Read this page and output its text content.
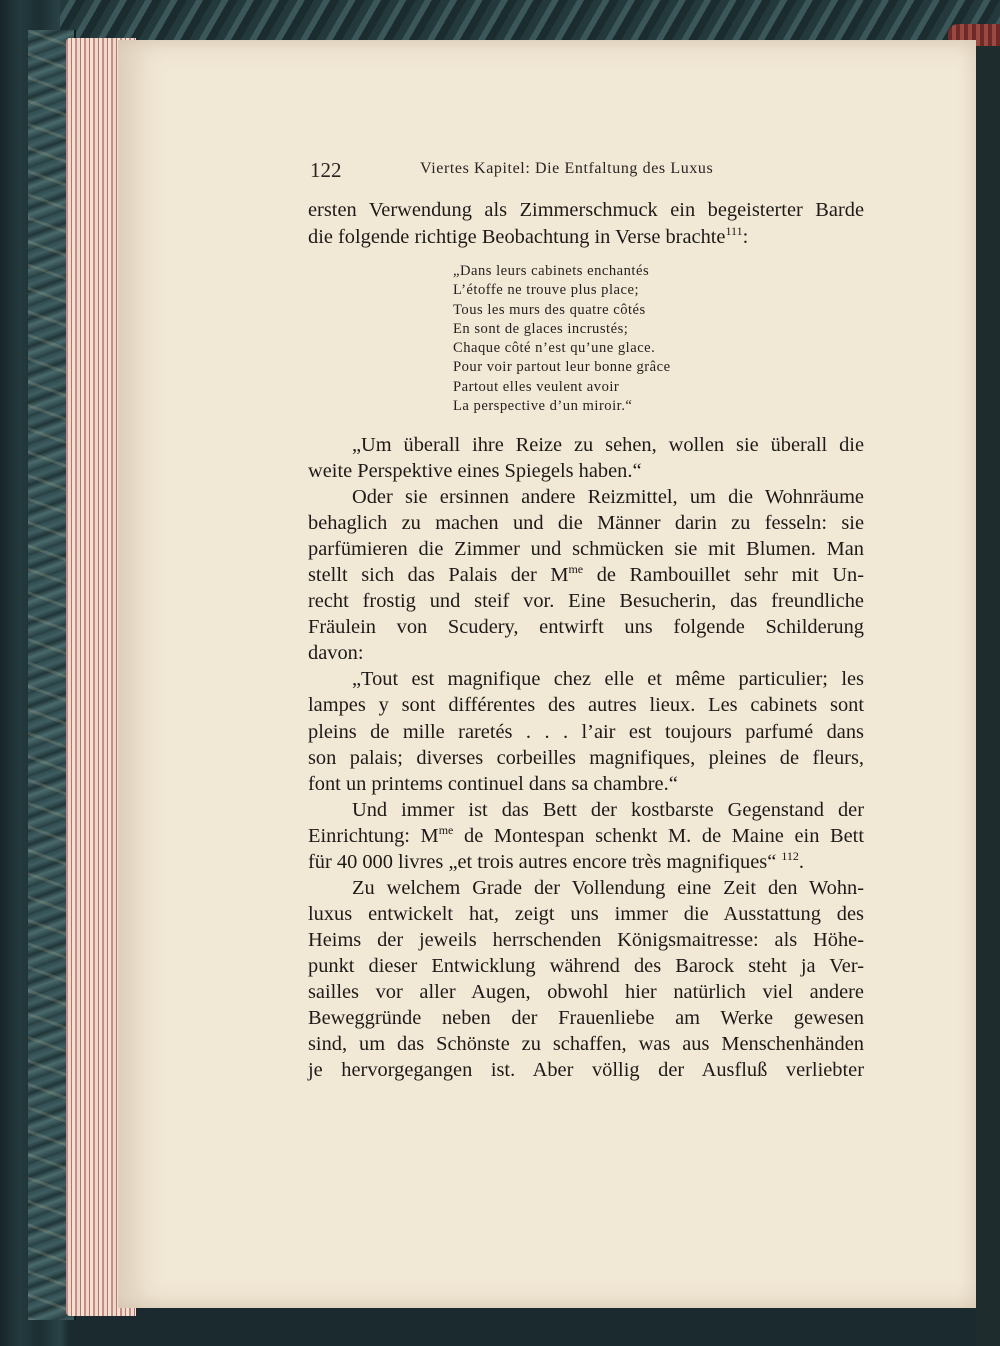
122	Viertes Kapitel: Die Entfaltung des Luxus
ersten Verwendung als Zimmerschmuck ein begeisterter Barde
die folgende richtige Beobachtung in Verse brachte$^{111}$:
„Dans leurs cabinets enchantés
L’étoffe ne trouve plus place;
Tous les murs des quatre côtés
En sont de glaces incrustés;
Chaque côté n’est qu’une glace.
Pour voir partout leur bonne grâce
Partout elles veulent avoir
La perspective d’un miroir.“
„Um überall ihre Reize zu sehen, wollen sie überall die
weite Perspektive eines Spiegels haben.“
Oder sie ersinnen andere Reizmittel, um die Wohnräume
behaglich zu machen und die Männer darin zu fesseln: sie
parfümieren die Zimmer und schmücken sie mit Blumen. Man
stellt sich das Palais der $M^{me}$ de Rambouillet sehr mit Un-
recht frostig und steif vor. Eine Besucherin, das freundliche
Fräulein von Scudery, entwirft uns folgende Schilderung
davon:
„Tout est magnifique chez elle et même particulier; les
lampes y sont différentes des autres lieux. Les cabinets sont
pleins de mille raretés . . . l’air est toujours parfumé dans
son palais; diverses corbeilles magnifiques, pleines de fleurs,
font un printems continuel dans sa chambre.“
Und immer ist das Bett der kostbarste Gegenstand der
Einrichtung: $M^{me}$ de Montespan schenkt M. de Maine ein Bett
für 40 000 livres „et trois autres encore très magnifiques“ $^{112}$.
Zu welchem Grade der Vollendung eine Zeit den Wohn-
luxus entwickelt hat, zeigt uns immer die Ausstattung des
Heims der jeweils herrschenden Königsmaitresse: als Höhe-
punkt dieser Entwicklung während des Barock steht ja Ver-
sailles vor aller Augen, obwohl hier natürlich viel andere
Beweggründe neben der Frauenliebe am Werke gewesen
sind, um das Schönste zu schaffen, was aus Menschenhänden
je hervorgegangen ist. Aber völlig der Ausfluß verliebter
